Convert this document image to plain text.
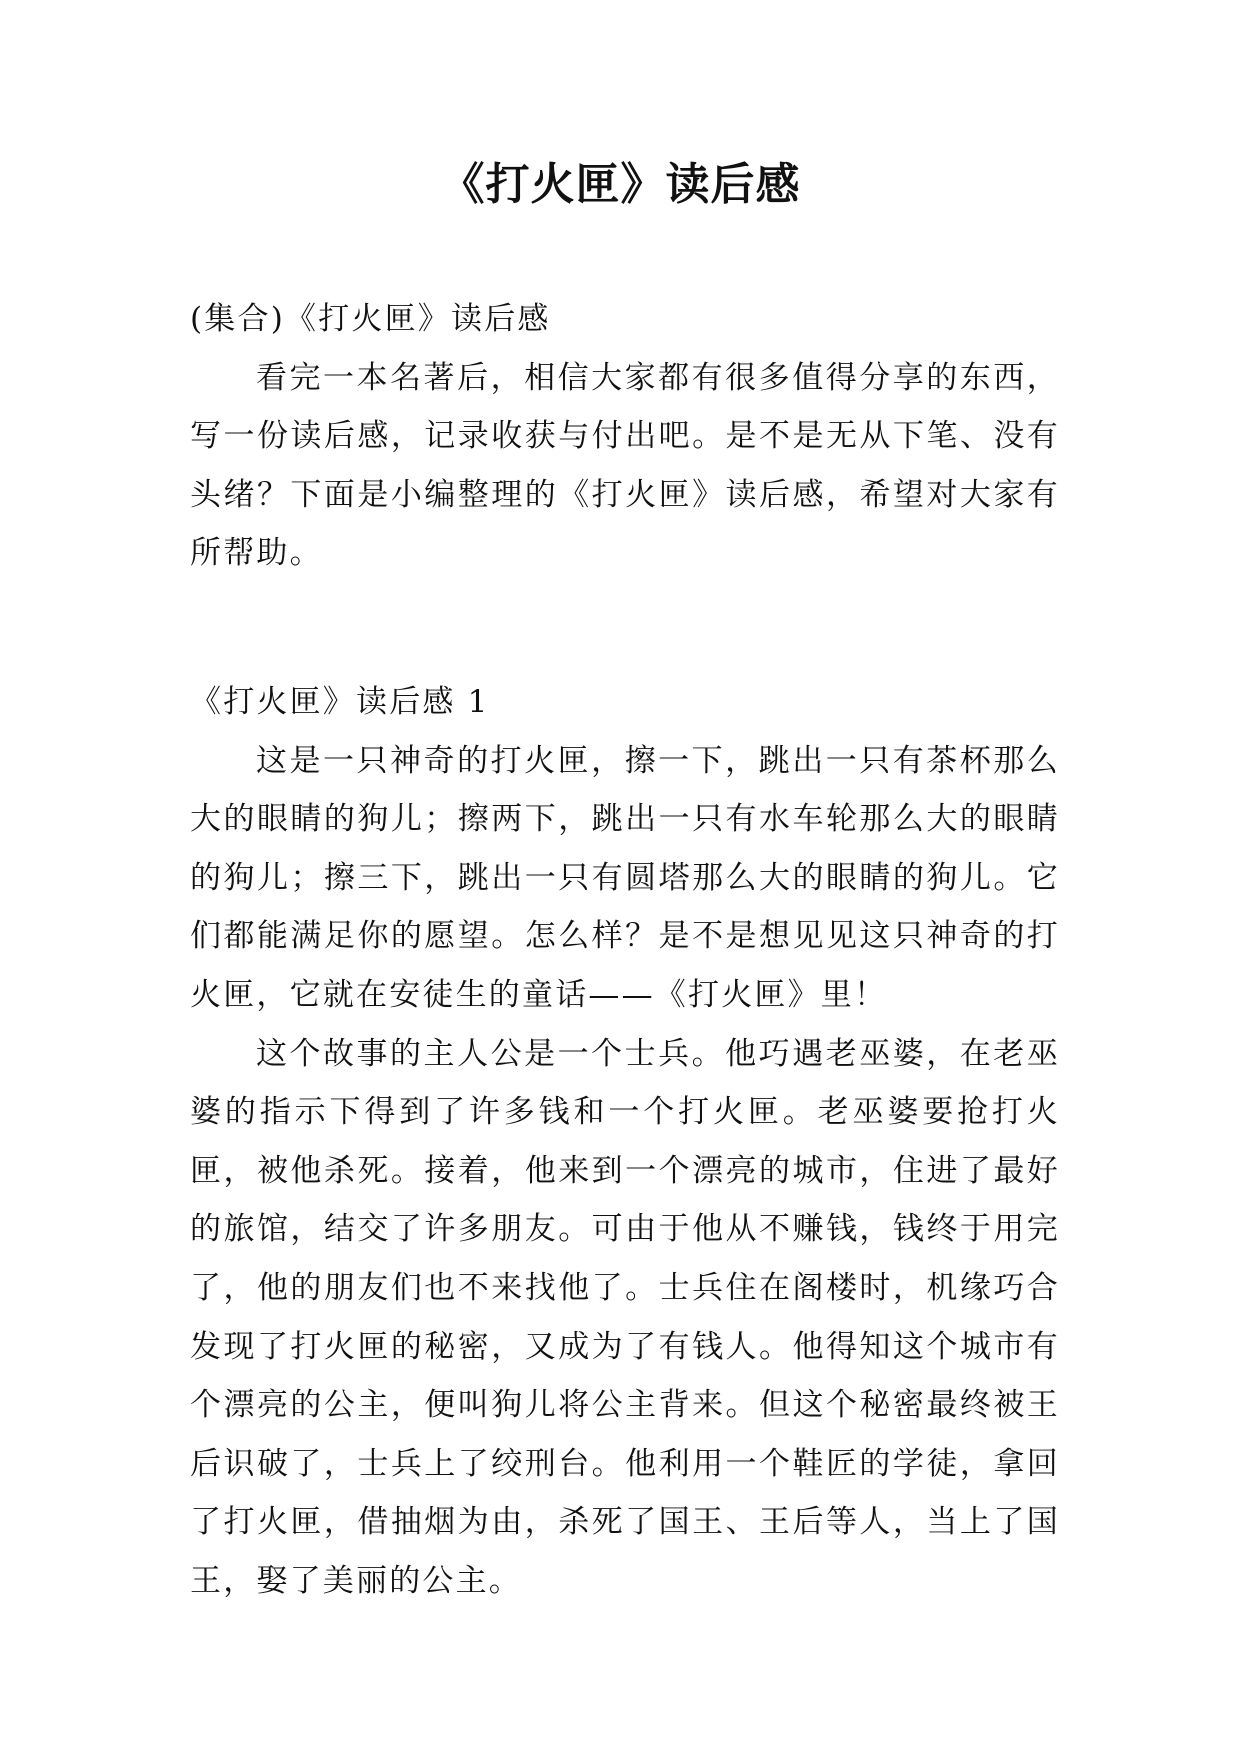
《打火匣》读后感

(集合)《打火匣》读后感

看完一本名著后，相信大家都有很多值得分享的东西，写一份读后感，记录收获与付出吧。是不是无从下笔、没有头绪？下面是小编整理的《打火匣》读后感，希望对大家有所帮助。

《打火匣》读后感 1

这是一只神奇的打火匣，擦一下，跳出一只有茶杯那么大的眼睛的狗儿；擦两下，跳出一只有水车轮那么大的眼睛的狗儿；擦三下，跳出一只有圆塔那么大的眼睛的狗儿。它们都能满足你的愿望。怎么样？是不是想见见这只神奇的打火匣，它就在安徒生的童话——《打火匣》里！

这个故事的主人公是一个士兵。他巧遇老巫婆，在老巫婆的指示下得到了许多钱和一个打火匣。老巫婆要抢打火匣，被他杀死。接着，他来到一个漂亮的城市，住进了最好的旅馆，结交了许多朋友。可由于他从不赚钱，钱终于用完了，他的朋友们也不来找他了。士兵住在阁楼时，机缘巧合发现了打火匣的秘密，又成为了有钱人。他得知这个城市有个漂亮的公主，便叫狗儿将公主背来。但这个秘密最终被王后识破了，士兵上了绞刑台。他利用一个鞋匠的学徒，拿回了打火匣，借抽烟为由，杀死了国王、王后等人，当上了国王，娶了美丽的公主。
